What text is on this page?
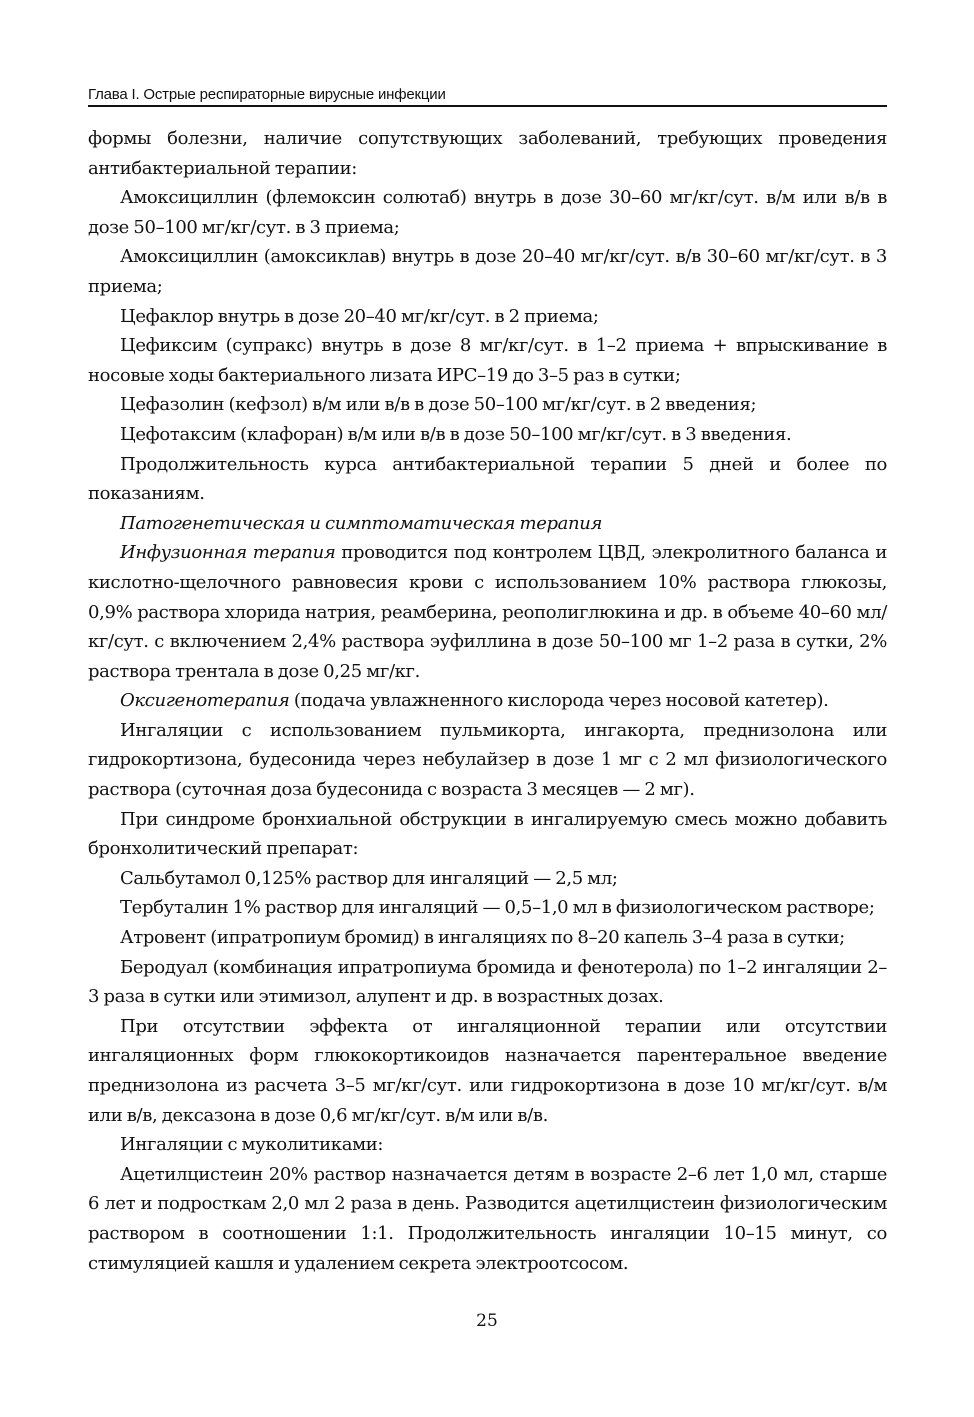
Глава I. Острые респираторные вирусные инфекции

формы болезни, наличие сопутствующих заболеваний, требующих проведения антибактериальной терапии:

Амоксициллин (флемоксин солютаб) внутрь в дозе 30–60 мг/кг/сут. в/м или в/в в дозе 50–100 мг/кг/сут. в 3 приема;

Амоксициллин (амоксиклав) внутрь в дозе 20–40 мг/кг/сут. в/в 30–60 мг/кг/сут. в 3 приема;

Цефаклор внутрь в дозе 20–40 мг/кг/сут. в 2 приема;

Цефиксим (супракс) внутрь в дозе 8 мг/кг/сут. в 1–2 приема + впрыскивание в носовые ходы бактериального лизата ИРС–19 до 3–5 раз в сутки;

Цефазолин (кефзол) в/м или в/в в дозе 50–100 мг/кг/сут. в 2 введения;

Цефотаксим (клафоран) в/м или в/в в дозе 50–100 мг/кг/сут. в 3 введения.

Продолжительность курса антибактериальной терапии 5 дней и более по показаниям.

Патогенетическая и симптоматическая терапия

Инфузионная терапия проводится под контролем ЦВД, элекролитного баланса и кислотно-щелочного равновесия крови с использованием 10% раствора глюкозы, 0,9% раствора хлорида натрия, реамберина, реополиглюкина и др. в объеме 40–60 мл/кг/сут. с включением 2,4% раствора эуфиллина в дозе 50–100 мг 1–2 раза в сутки, 2% раствора трентала в дозе 0,25 мг/кг.

Оксигенотерапия (подача увлажненного кислорода через носовой катетер).

Ингаляции с использованием пульмикорта, ингакорта, преднизолона или гидрокортизона, будесонида через небулайзер в дозе 1 мг с 2 мл физиологического раствора (суточная доза будесонида с возраста 3 месяцев — 2 мг).

При синдроме бронхиальной обструкции в ингалируемую смесь можно добавить бронхолитический препарат:

Сальбутамол 0,125% раствор для ингаляций — 2,5 мл;

Тербуталин 1% раствор для ингаляций — 0,5–1,0 мл в физиологическом растворе;

Атровент (ипратропиум бромид) в ингаляциях по 8–20 капель 3–4 раза в сутки;

Беродуал (комбинация ипратропиума бромида и фенотерола) по 1–2 ингаляции 2–3 раза в сутки или этимизол, алупент и др. в возрастных дозах.

При отсутствии эффекта от ингаляционной терапии или отсутствии ингаляционных форм глюкокортикоидов назначается парентеральное введение преднизолона из расчета 3–5 мг/кг/сут. или гидрокортизона в дозе 10 мг/кг/сут. в/м или в/в, дексазона в дозе 0,6 мг/кг/сут. в/м или в/в.

Ингаляции с муколитиками:

Ацетилцистеин 20% раствор назначается детям в возрасте 2–6 лет 1,0 мл, старше 6 лет и подросткам 2,0 мл 2 раза в день. Разводится ацетилцистеин физиологическим раствором в соотношении 1:1. Продолжительность ингаляции 10–15 минут, со стимуляцией кашля и удалением секрета электроотсосом.

25
